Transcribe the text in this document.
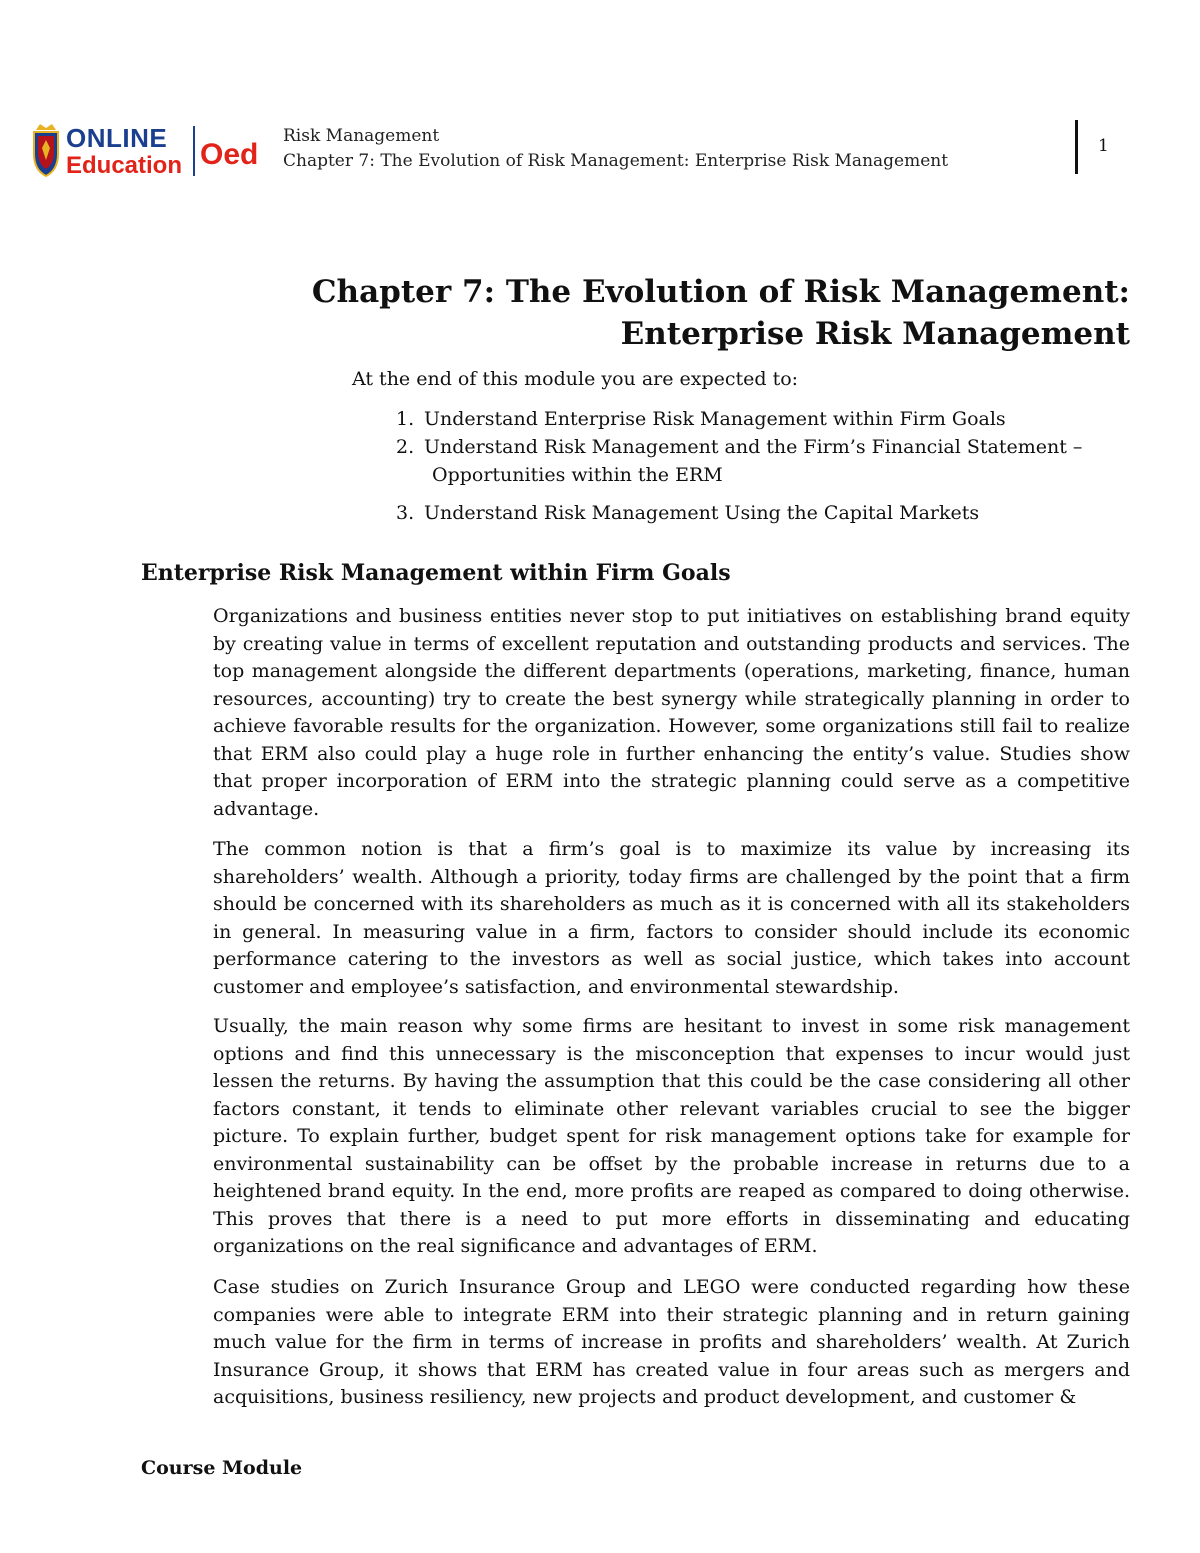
ONLINE
Education Oed
Risk Management
Chapter 7: The Evolution of Risk Management: Enterprise Risk Management
1
Chapter 7: The Evolution of Risk Management:
Enterprise Risk Management

At the end of this module you are expected to:

1. Understand Enterprise Risk Management within Firm Goals
2. Understand Risk Management and the Firm’s Financial Statement –
Opportunities within the ERM
3. Understand Risk Management Using the Capital Markets
Enterprise Risk Management within Firm Goals

Organizations and business entities never stop to put initiatives on establishing brand equity by creating value in terms of excellent reputation and outstanding products and services. The top management alongside the different departments (operations, marketing, finance, human resources, accounting) try to create the best synergy while strategically planning in order to achieve favorable results for the organization. However, some organizations still fail to realize that ERM also could play a huge role in further enhancing the entity’s value. Studies show that proper incorporation of ERM into the strategic planning could serve as a competitive advantage.

The common notion is that a firm’s goal is to maximize its value by increasing its shareholders’ wealth. Although a priority, today firms are challenged by the point that a firm should be concerned with its shareholders as much as it is concerned with all its stakeholders in general. In measuring value in a firm, factors to consider should include its economic performance catering to the investors as well as social justice, which takes into account customer and employee’s satisfaction, and environmental stewardship.

Usually, the main reason why some firms are hesitant to invest in some risk management options and find this unnecessary is the misconception that expenses to incur would just lessen the returns. By having the assumption that this could be the case considering all other factors constant, it tends to eliminate other relevant variables crucial to see the bigger picture. To explain further, budget spent for risk management options take for example for environmental sustainability can be offset by the probable increase in returns due to a heightened brand equity. In the end, more profits are reaped as compared to doing otherwise. This proves that there is a need to put more efforts in disseminating and educating organizations on the real significance and advantages of ERM.

Case studies on Zurich Insurance Group and LEGO were conducted regarding how these companies were able to integrate ERM into their strategic planning and in return gaining much value for the firm in terms of increase in profits and shareholders’ wealth. At Zurich Insurance Group, it shows that ERM has created value in four areas such as mergers and acquisitions, business resiliency, new projects and product development, and customer &

Course Module
